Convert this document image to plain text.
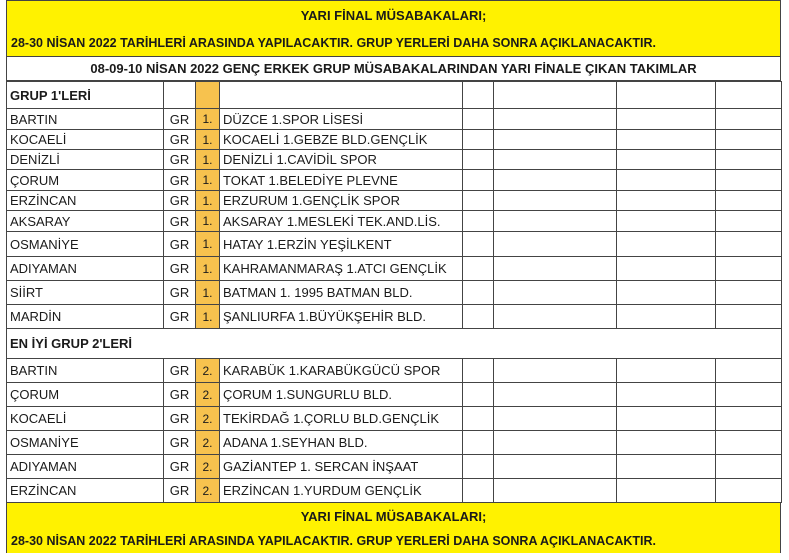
YARI FİNAL MÜSABAKALARI;
28-30 NİSAN 2022 TARİHLERİ ARASINDA YAPILACAKTIR. GRUP YERLERİ DAHA SONRA AÇIKLANACAKTIR.
08-09-10 NİSAN 2022 GENÇ ERKEK GRUP MÜSABAKALARINDAN YARI FİNALE ÇIKAN TAKIMLAR
GRUP 1'LERİ							
BARTIN	GR	1.	DÜZCE 1.SPOR LİSESİ				
KOCAELİ	GR	1.	KOCAELİ 1.GEBZE BLD.GENÇLİK				
DENİZLİ	GR	1.	DENİZLİ 1.CAVİDİL SPOR				
ÇORUM	GR	1.	TOKAT 1.BELEDİYE PLEVNE				
ERZİNCAN	GR	1.	ERZURUM 1.GENÇLİK SPOR				
AKSARAY	GR	1.	AKSARAY 1.MESLEKİ TEK.AND.LİS.				
OSMANİYE	GR	1.	HATAY 1.ERZİN YEŞİLKENT				
ADIYAMAN	GR	1.	KAHRAMANMARAŞ 1.ATCI GENÇLİK				
SİİRT	GR	1.	BATMAN 1. 1995 BATMAN BLD.				
MARDİN	GR	1.	ŞANLIURFA 1.BÜYÜKŞEHİR BLD.				
EN İYİ GRUP 2'LERİ							
BARTIN	GR	2.	KARABÜK 1.KARABÜKGÜCÜ SPOR				
ÇORUM	GR	2.	ÇORUM 1.SUNGURLU BLD.				
KOCAELİ	GR	2.	TEKİRDAĞ 1.ÇORLU BLD.GENÇLİK				
OSMANİYE	GR	2.	ADANA 1.SEYHAN BLD.				
ADIYAMAN	GR	2.	GAZİANTEP 1. SERCAN İNŞAAT				
ERZİNCAN	GR	2.	ERZİNCAN 1.YURDUM GENÇLİK				
YARI FİNAL MÜSABAKALARI;
28-30 NİSAN 2022 TARİHLERİ ARASINDA YAPILACAKTIR. GRUP YERLERİ DAHA SONRA AÇIKLANACAKTIR.
